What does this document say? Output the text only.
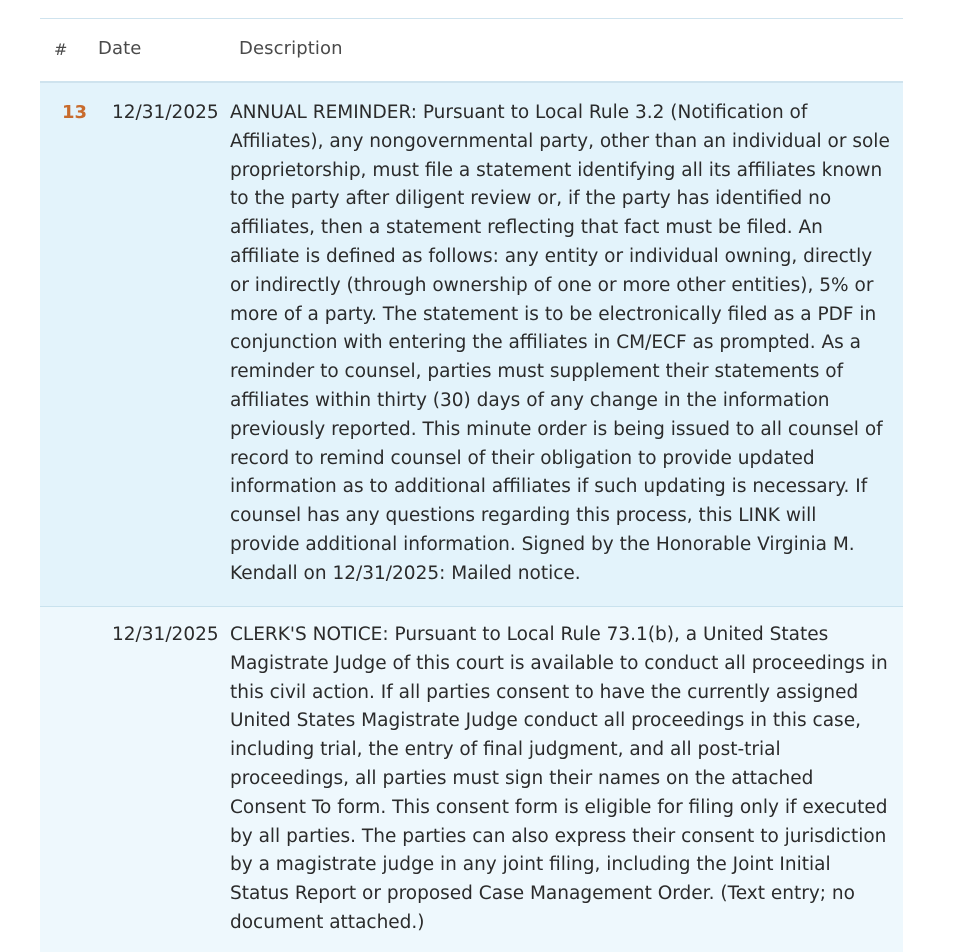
# Date	Description
13 12/31/2025 ANNUAL REMINDER: Pursuant to Local Rule 3.2 (Notification of Affiliates), any nongovernmental party, other than an individual or sole proprietorship, must file a statement identifying all its affiliates known to the party after diligent review or, if the party has identified no affiliates, then a statement reflecting that fact must be filed. An affiliate is defined as follows: any entity or individual owning, directly or indirectly (through ownership of one or more other entities), 5% or more of a party. The statement is to be electronically filed as a PDF in conjunction with entering the affiliates in CM/ECF as prompted. As a reminder to counsel, parties must supplement their statements of affiliates within thirty (30) days of any change in the information previously reported. This minute order is being issued to all counsel of record to remind counsel of their obligation to provide updated information as to additional affiliates if such updating is necessary. If counsel has any questions regarding this process, this LINK will provide additional information. Signed by the Honorable Virginia M. Kendall on 12/31/2025: Mailed notice.
12/31/2025 CLERK'S NOTICE: Pursuant to Local Rule 73.1(b), a United States Magistrate Judge of this court is available to conduct all proceedings in this civil action. If all parties consent to have the currently assigned United States Magistrate Judge conduct all proceedings in this case, including trial, the entry of final judgment, and all post-trial proceedings, all parties must sign their names on the attached Consent To form. This consent form is eligible for filing only if executed by all parties. The parties can also express their consent to jurisdiction by a magistrate judge in any joint filing, including the Joint Initial Status Report or proposed Case Management Order. (Text entry; no document attached.)
